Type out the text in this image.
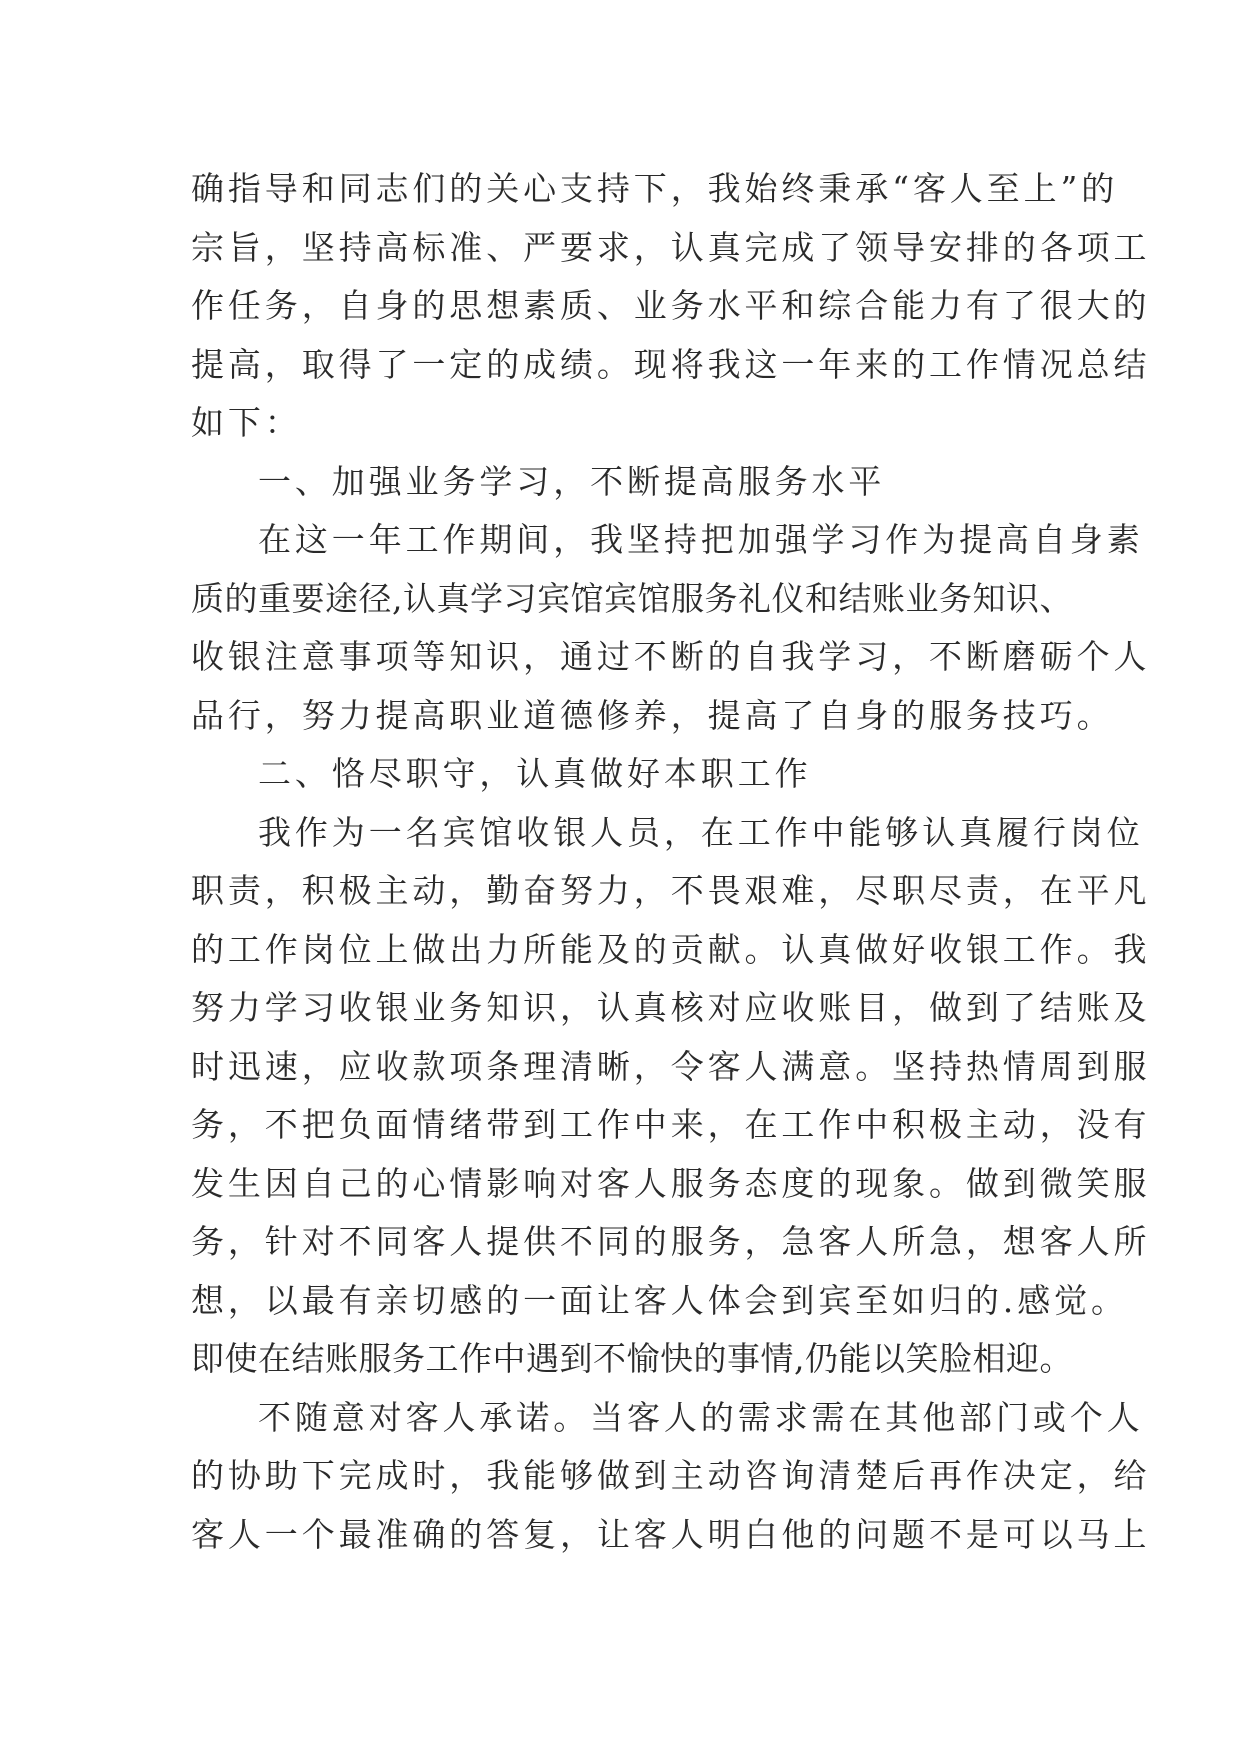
确指导和同志们的关心支持下，我始终秉承“客人至上”的
宗旨，坚持高标准、严要求，认真完成了领导安排的各项工
作任务，自身的思想素质、业务水平和综合能力有了很大的
提高，取得了一定的成绩。现将我这一年来的工作情况总结
如下：
一、加强业务学习，不断提高服务水平
在这一年工作期间，我坚持把加强学习作为提高自身素
质的重要途径,认真学习宾馆宾馆服务礼仪和结账业务知识、
收银注意事项等知识，通过不断的自我学习，不断磨砺个人
品行，努力提高职业道德修养，提高了自身的服务技巧。
二、恪尽职守，认真做好本职工作
我作为一名宾馆收银人员，在工作中能够认真履行岗位
职责，积极主动，勤奋努力，不畏艰难，尽职尽责，在平凡
的工作岗位上做出力所能及的贡献。认真做好收银工作。我
努力学习收银业务知识，认真核对应收账目，做到了结账及
时迅速，应收款项条理清晰，令客人满意。坚持热情周到服
务，不把负面情绪带到工作中来，在工作中积极主动，没有
发生因自己的心情影响对客人服务态度的现象。做到微笑服
务，针对不同客人提供不同的服务，急客人所急，想客人所
想，以最有亲切感的一面让客人体会到宾至如归的.感觉。
即使在结账服务工作中遇到不愉快的事情,仍能以笑脸相迎。
不随意对客人承诺。当客人的需求需在其他部门或个人
的协助下完成时，我能够做到主动咨询清楚后再作决定，给
客人一个最准确的答复，让客人明白他的问题不是可以马上
